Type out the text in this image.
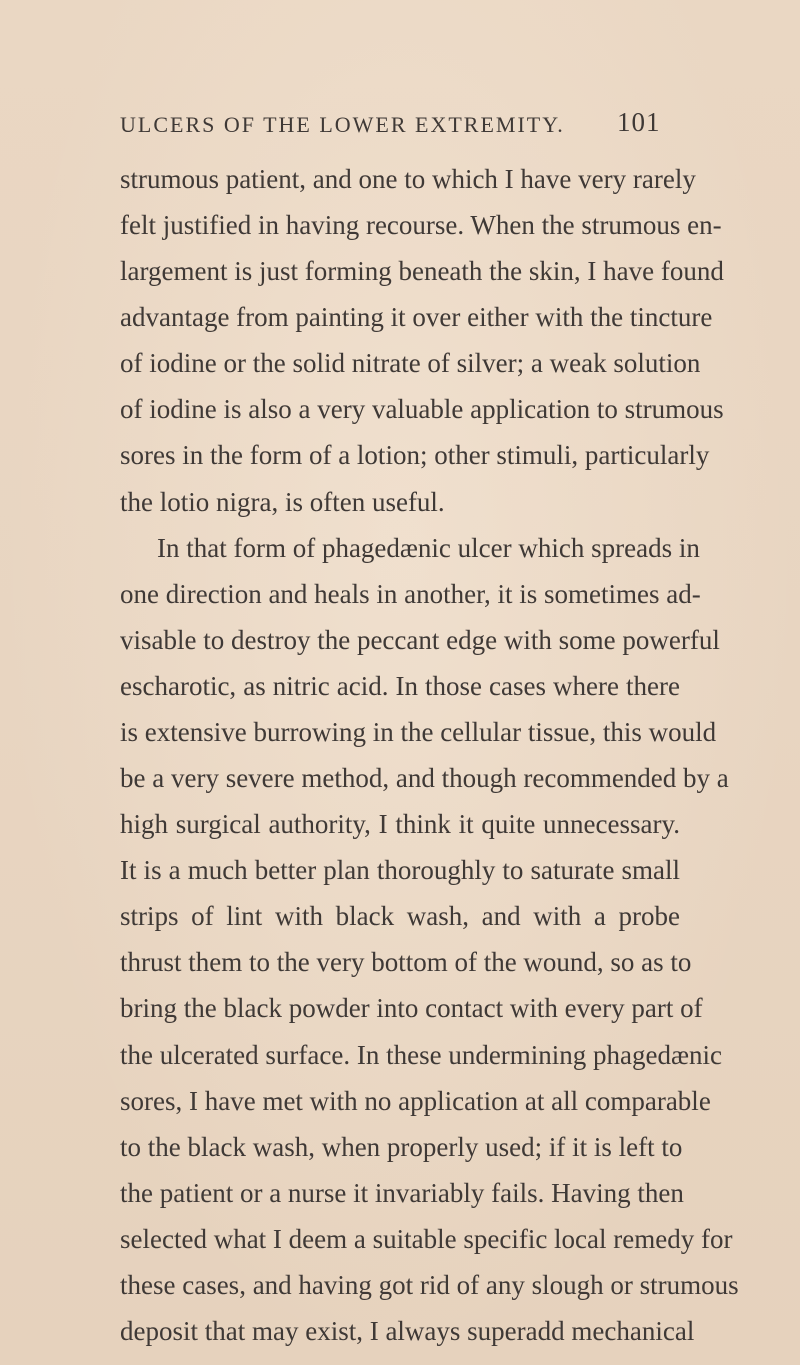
ULCERS OF THE LOWER EXTREMITY. 101
strumous patient, and one to which I have very rarely
felt justified in having recourse. When the strumous en-
largement is just forming beneath the skin, I have found
advantage from painting it over either with the tincture
of iodine or the solid nitrate of silver; a weak solution
of iodine is also a very valuable application to strumous
sores in the form of a lotion; other stimuli, particularly
the lotio nigra, is often useful.
In that form of phagedænic ulcer which spreads in
one direction and heals in another, it is sometimes ad-
visable to destroy the peccant edge with some powerful
escharotic, as nitric acid. In those cases where there
is extensive burrowing in the cellular tissue, this would
be a very severe method, and though recommended by a
high surgical authority, I think it quite unnecessary.
It is a much better plan thoroughly to saturate small
strips of lint with black wash, and with a probe
thrust them to the very bottom of the wound, so as to
bring the black powder into contact with every part of
the ulcerated surface. In these undermining phagedænic
sores, I have met with no application at all comparable
to the black wash, when properly used; if it is left to
the patient or a nurse it invariably fails. Having then
selected what I deem a suitable specific local remedy for
these cases, and having got rid of any slough or strumous
deposit that may exist, I always superadd mechanical
